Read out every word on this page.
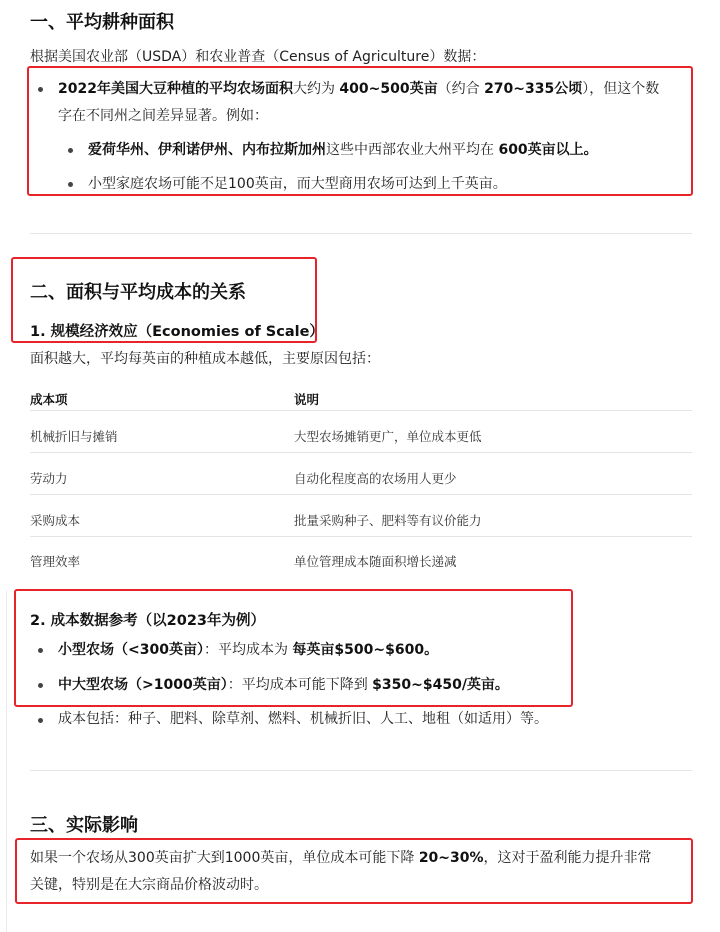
一、平均耕种面积
根据美国农业部（USDA）和农业普查（Census of Agriculture）数据：
2022年美国大豆种植的平均农场面积大约为 400~500英亩（约合 270~335公顷），但这个数
字在不同州之间差异显著。例如：
爱荷华州、伊利诺伊州、内布拉斯加州这些中西部农业大州平均在 600英亩以上。
小型家庭农场可能不足100英亩，而大型商用农场可达到上千英亩。
二、面积与平均成本的关系
1. 规模经济效应（Economies of Scale）
面积越大，平均每英亩的种植成本越低，主要原因包括：
成本项	说明
机械折旧与摊销	大型农场摊销更广，单位成本更低
劳动力	自动化程度高的农场用人更少
采购成本	批量采购种子、肥料等有议价能力
管理效率	单位管理成本随面积增长递减
2. 成本数据参考（以2023年为例）
小型农场（<300英亩）：平均成本为 每英亩$500~$600。
中大型农场（>1000英亩）：平均成本可能下降到 $350~$450/英亩。
成本包括：种子、肥料、除草剂、燃料、机械折旧、人工、地租（如适用）等。
三、实际影响
如果一个农场从300英亩扩大到1000英亩，单位成本可能下降 20~30%，这对于盈利能力提升非常
关键，特别是在大宗商品价格波动时。
